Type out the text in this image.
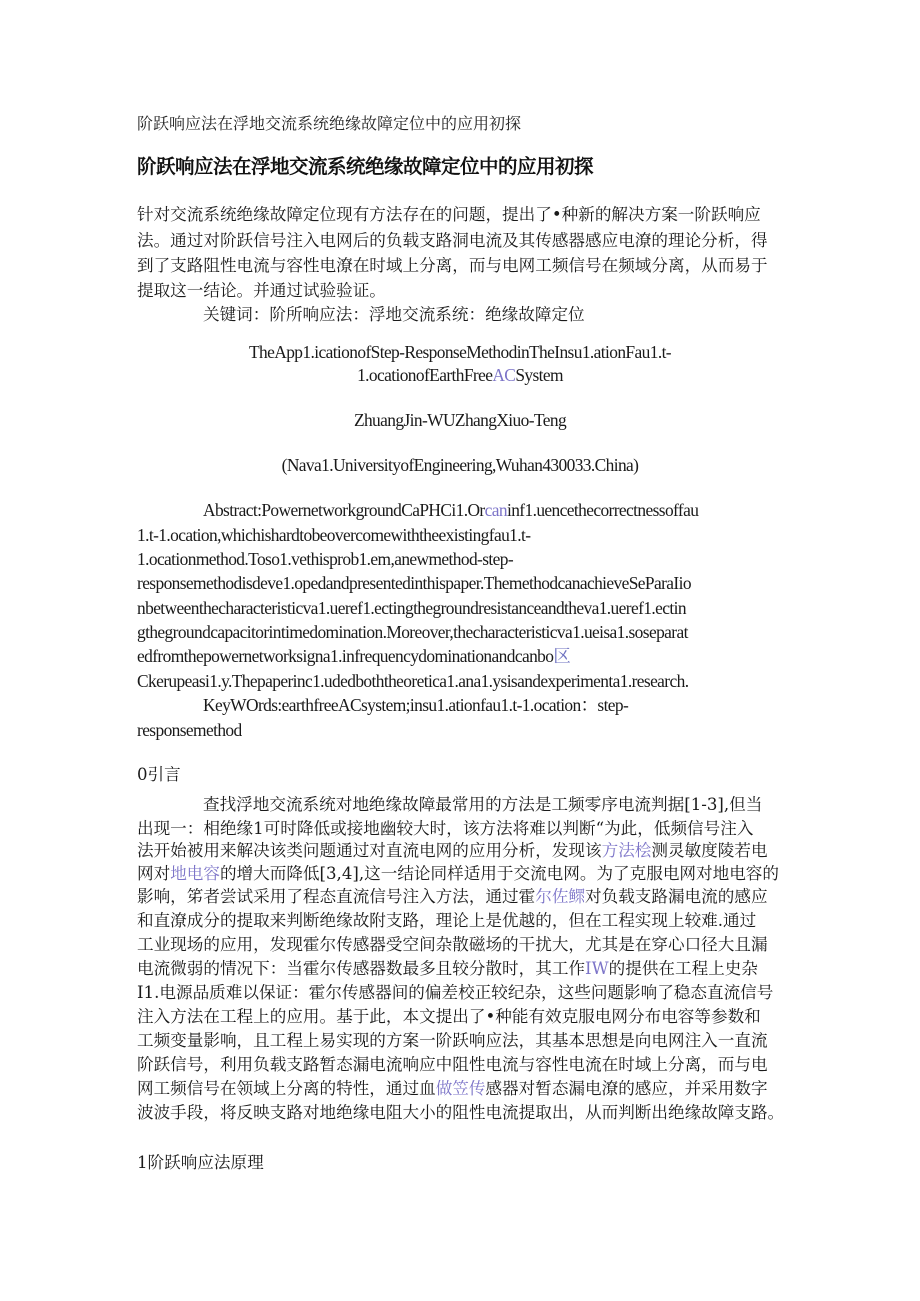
阶跃响应法在浮地交流系统绝缘故障定位中的应用初探

阶跃响应法在浮地交流系统绝缘故障定位中的应用初探

针对交流系统绝缘故障定位现有方法存在的问题，提出了•种新的解决方案一阶跃响应

法。通过对阶跃信号注入电网后的负载支路洞电流及其传感器感应电潦的理论分析，得

到了支路阻性电流与容性电潦在时域上分离，而与电网工频信号在频域分离，从而易于

提取这一结论。并通过试验验证。

关键词：阶所响应法：浮地交流系统：绝缘故障定位

TheApp1.icationofStep-ResponseMethodinTheInsu1.ationFau1.t-

1.ocationofEarthFreeACSystem

ZhuangJin-WUZhangXiuo-Teng

(Nava1.UniversityofEngineering,Wuhan430033.China)

Abstract:PowernetworkgroundCaPHCi1.Orcaninf1.uencethecorrectnessoffau

1.t-1.ocation,whichishardtobeovercomewiththeexistingfau1.t-

1.ocationmethod.Toso1.vethisprob1.em,anewmethod-step-

responsemethodisdeve1.opedandpresentedinthispaper.ThemethodcanachieveSeParaIio

nbetweenthecharacteristicva1.ueref1.ectingthegroundresistanceandtheva1.ueref1.ectin

gthegroundcapacitorintimedomination.Moreover,thecharacteristicva1.ueisa1.soseparat

edfromthepowernetworksigna1.infrequencydominationandcanbo区

Ckerupeasi1.y.Thepaperinc1.udedboththeoretica1.ana1.ysisandexperimenta1.research.

KeyWOrds:earthfreeACsystem;insu1.ationfau1.t-1.ocation：step-

responsemethod

0引言

查找浮地交流系统对地绝缘故障最常用的方法是工频零序电流判据[1-3],但当

出现一：相绝缘1可时降低或接地幽较大时，该方法将难以判断“为此，低频信号注入

法开始被用来解决该类问题通过对直流电网的应用分析，发现该方法桧测灵敏度陵若电

网对地电容的增大而降低[3,4],这一结论同样适用于交流电网。为了克服电网对地电容的

影响，笫者尝试采用了程态直流信号注入方法，通过霍尔佐鳏对负载支路漏电流的感应

和直潦成分的提取来判断绝缘故附支路，理论上是优越的，但在工程实现上较难.通过

工业现场的应用，发现霍尔传感器受空间杂散磁场的干扰大，尤其是在穿心口径大且漏

电流微弱的情况下：当霍尔传感器数最多且较分散时，其工作IW的提供在工程上史杂

I1.电源品质难以保证：霍尔传感器间的偏差校正较纪杂，这些问题影响了稳态直流信号

注入方法在工程上的应用。基于此，本文提出了•种能有效克服电网分布电容等参数和

工频变量影响，且工程上易实现的方案一阶跃响应法，其基本思想是向电网注入一直流

阶跃信号，利用负载支路暂态漏电流响应中阻性电流与容性电流在时域上分离，而与电

网工频信号在领域上分离的特性，通过血做笠传感器对暂态漏电潦的感应，并采用数字

波波手段，将反映支路对地绝缘电阻大小的阻性电流提取出，从而判断出绝缘故障支路。

1阶跃响应法原理
